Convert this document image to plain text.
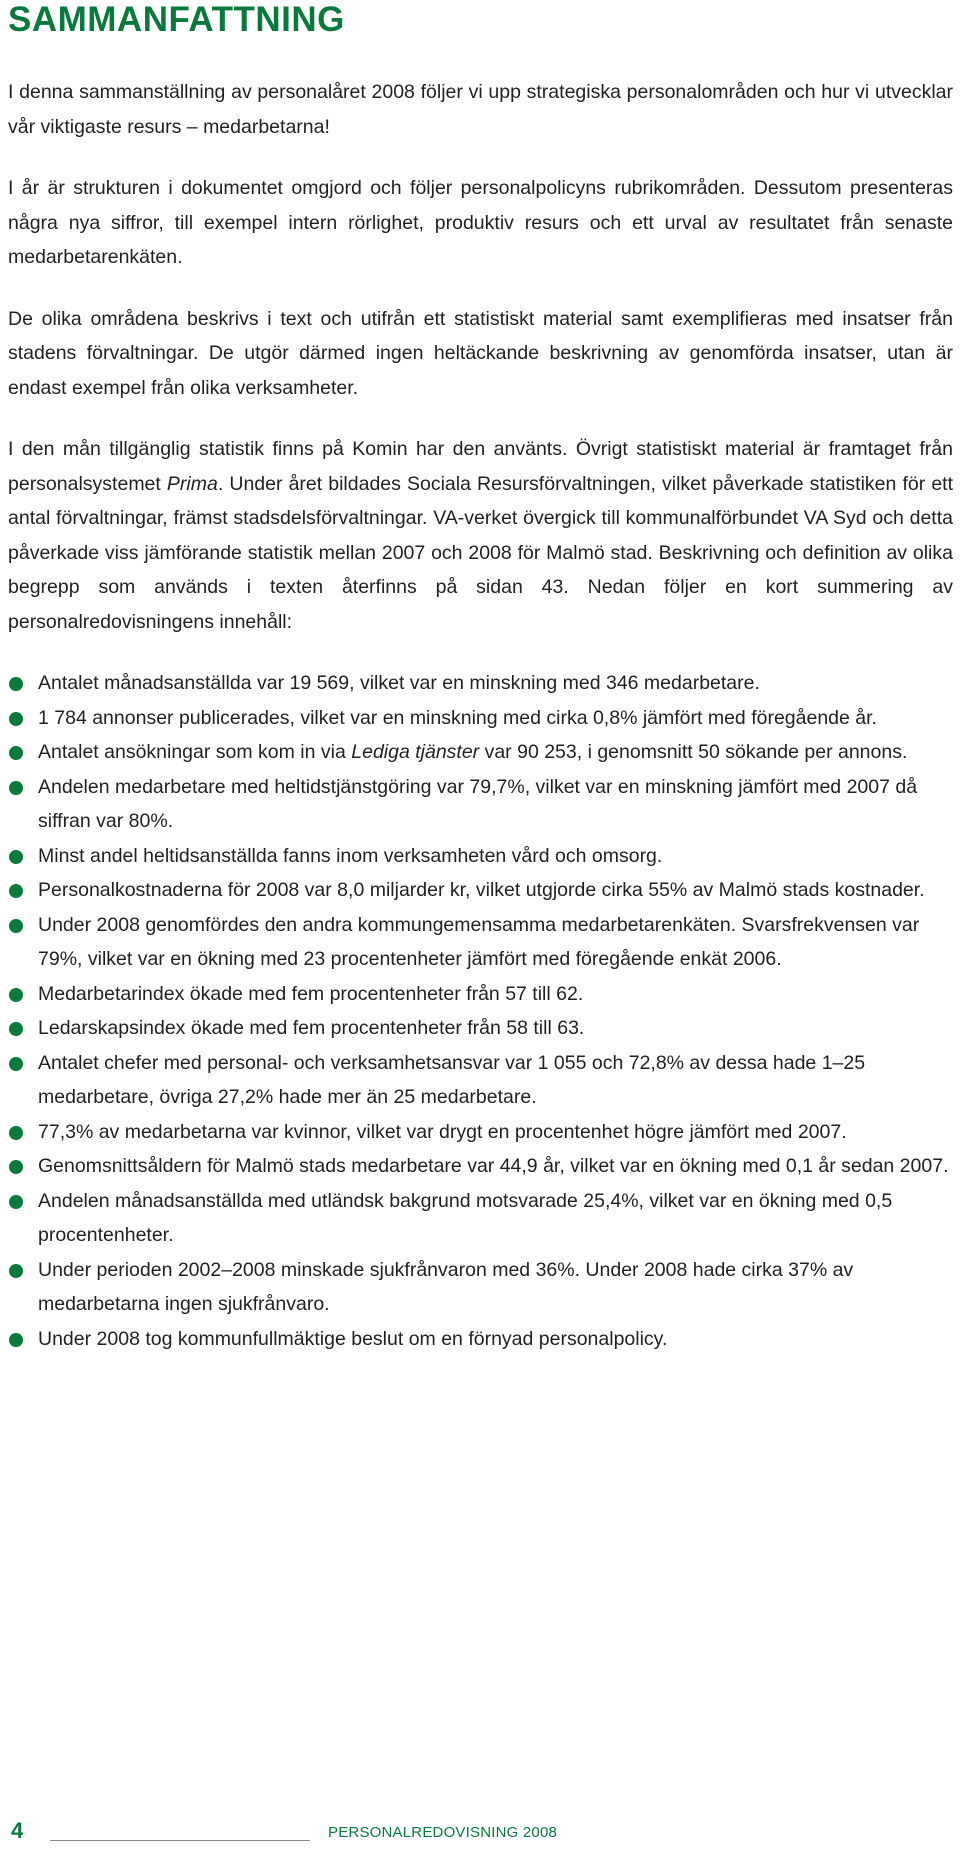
SAMMANFATTNING

I denna sammanställning av personalåret 2008 följer vi upp strategiska personalområden och hur vi utvecklar vår viktigaste resurs – medarbetarna!

I år är strukturen i dokumentet omgjord och följer personalpolicyns rubrikområden. Dessutom presenteras några nya siffror, till exempel intern rörlighet, produktiv resurs och ett urval av resultatet från senaste medarbetarenkäten.

De olika områdena beskrivs i text och utifrån ett statistiskt material samt exemplifieras med insatser från stadens förvaltningar. De utgör därmed ingen heltäckande beskrivning av genomförda insatser, utan är endast exempel från olika verksamheter.

I den mån tillgänglig statistik finns på Komin har den använts. Övrigt statistiskt material är framtaget från personalsystemet Prima. Under året bildades Sociala Resursförvaltningen, vilket påverkade statistiken för ett antal förvaltningar, främst stadsdelsförvaltningar. VA-verket övergick till kommunalförbundet VA Syd och detta påverkade viss jämförande statistik mellan 2007 och 2008 för Malmö stad. Beskrivning och definition av olika begrepp som används i texten återfinns på sidan 43. Nedan följer en kort summering av personalredovisningens innehåll:

Antalet månadsanställda var 19 569, vilket var en minskning med 346 medarbetare.
1 784 annonser publicerades, vilket var en minskning med cirka 0,8% jämfört med föregående år.
Antalet ansökningar som kom in via Lediga tjänster var 90 253, i genomsnitt 50 sökande per annons.
Andelen medarbetare med heltidstjänstgöring var 79,7%, vilket var en minskning jämfört med 2007 då siffran var 80%.
Minst andel heltidsanställda fanns inom verksamheten vård och omsorg.
Personalkostnaderna för 2008 var 8,0 miljarder kr, vilket utgjorde cirka 55% av Malmö stads kostnader.
Under 2008 genomfördes den andra kommungemensamma medarbetarenkäten. Svarsfrekvensen var 79%, vilket var en ökning med 23 procentenheter jämfört med föregående enkät 2006.
Medarbetarindex ökade med fem procentenheter från 57 till 62.
Ledarskapsindex ökade med fem procentenheter från 58 till 63.
Antalet chefer med personal- och verksamhetsansvar var 1 055 och 72,8% av dessa hade 1–25 medarbetare, övriga 27,2% hade mer än 25 medarbetare.
77,3% av medarbetarna var kvinnor, vilket var drygt en procentenhet högre jämfört med 2007.
Genomsnittsåldern för Malmö stads medarbetare var 44,9 år, vilket var en ökning med 0,1 år sedan 2007.
Andelen månadsanställda med utländsk bakgrund motsvarade 25,4%, vilket var en ökning med 0,5 procentenheter.
Under perioden 2002–2008 minskade sjukfrånvaron med 36%. Under 2008 hade cirka 37% av medarbetarna ingen sjukfrånvaro.
Under 2008 tog kommunfullmäktige beslut om en förnyad personalpolicy.
4	PERSONALREDOVISNING 2008
